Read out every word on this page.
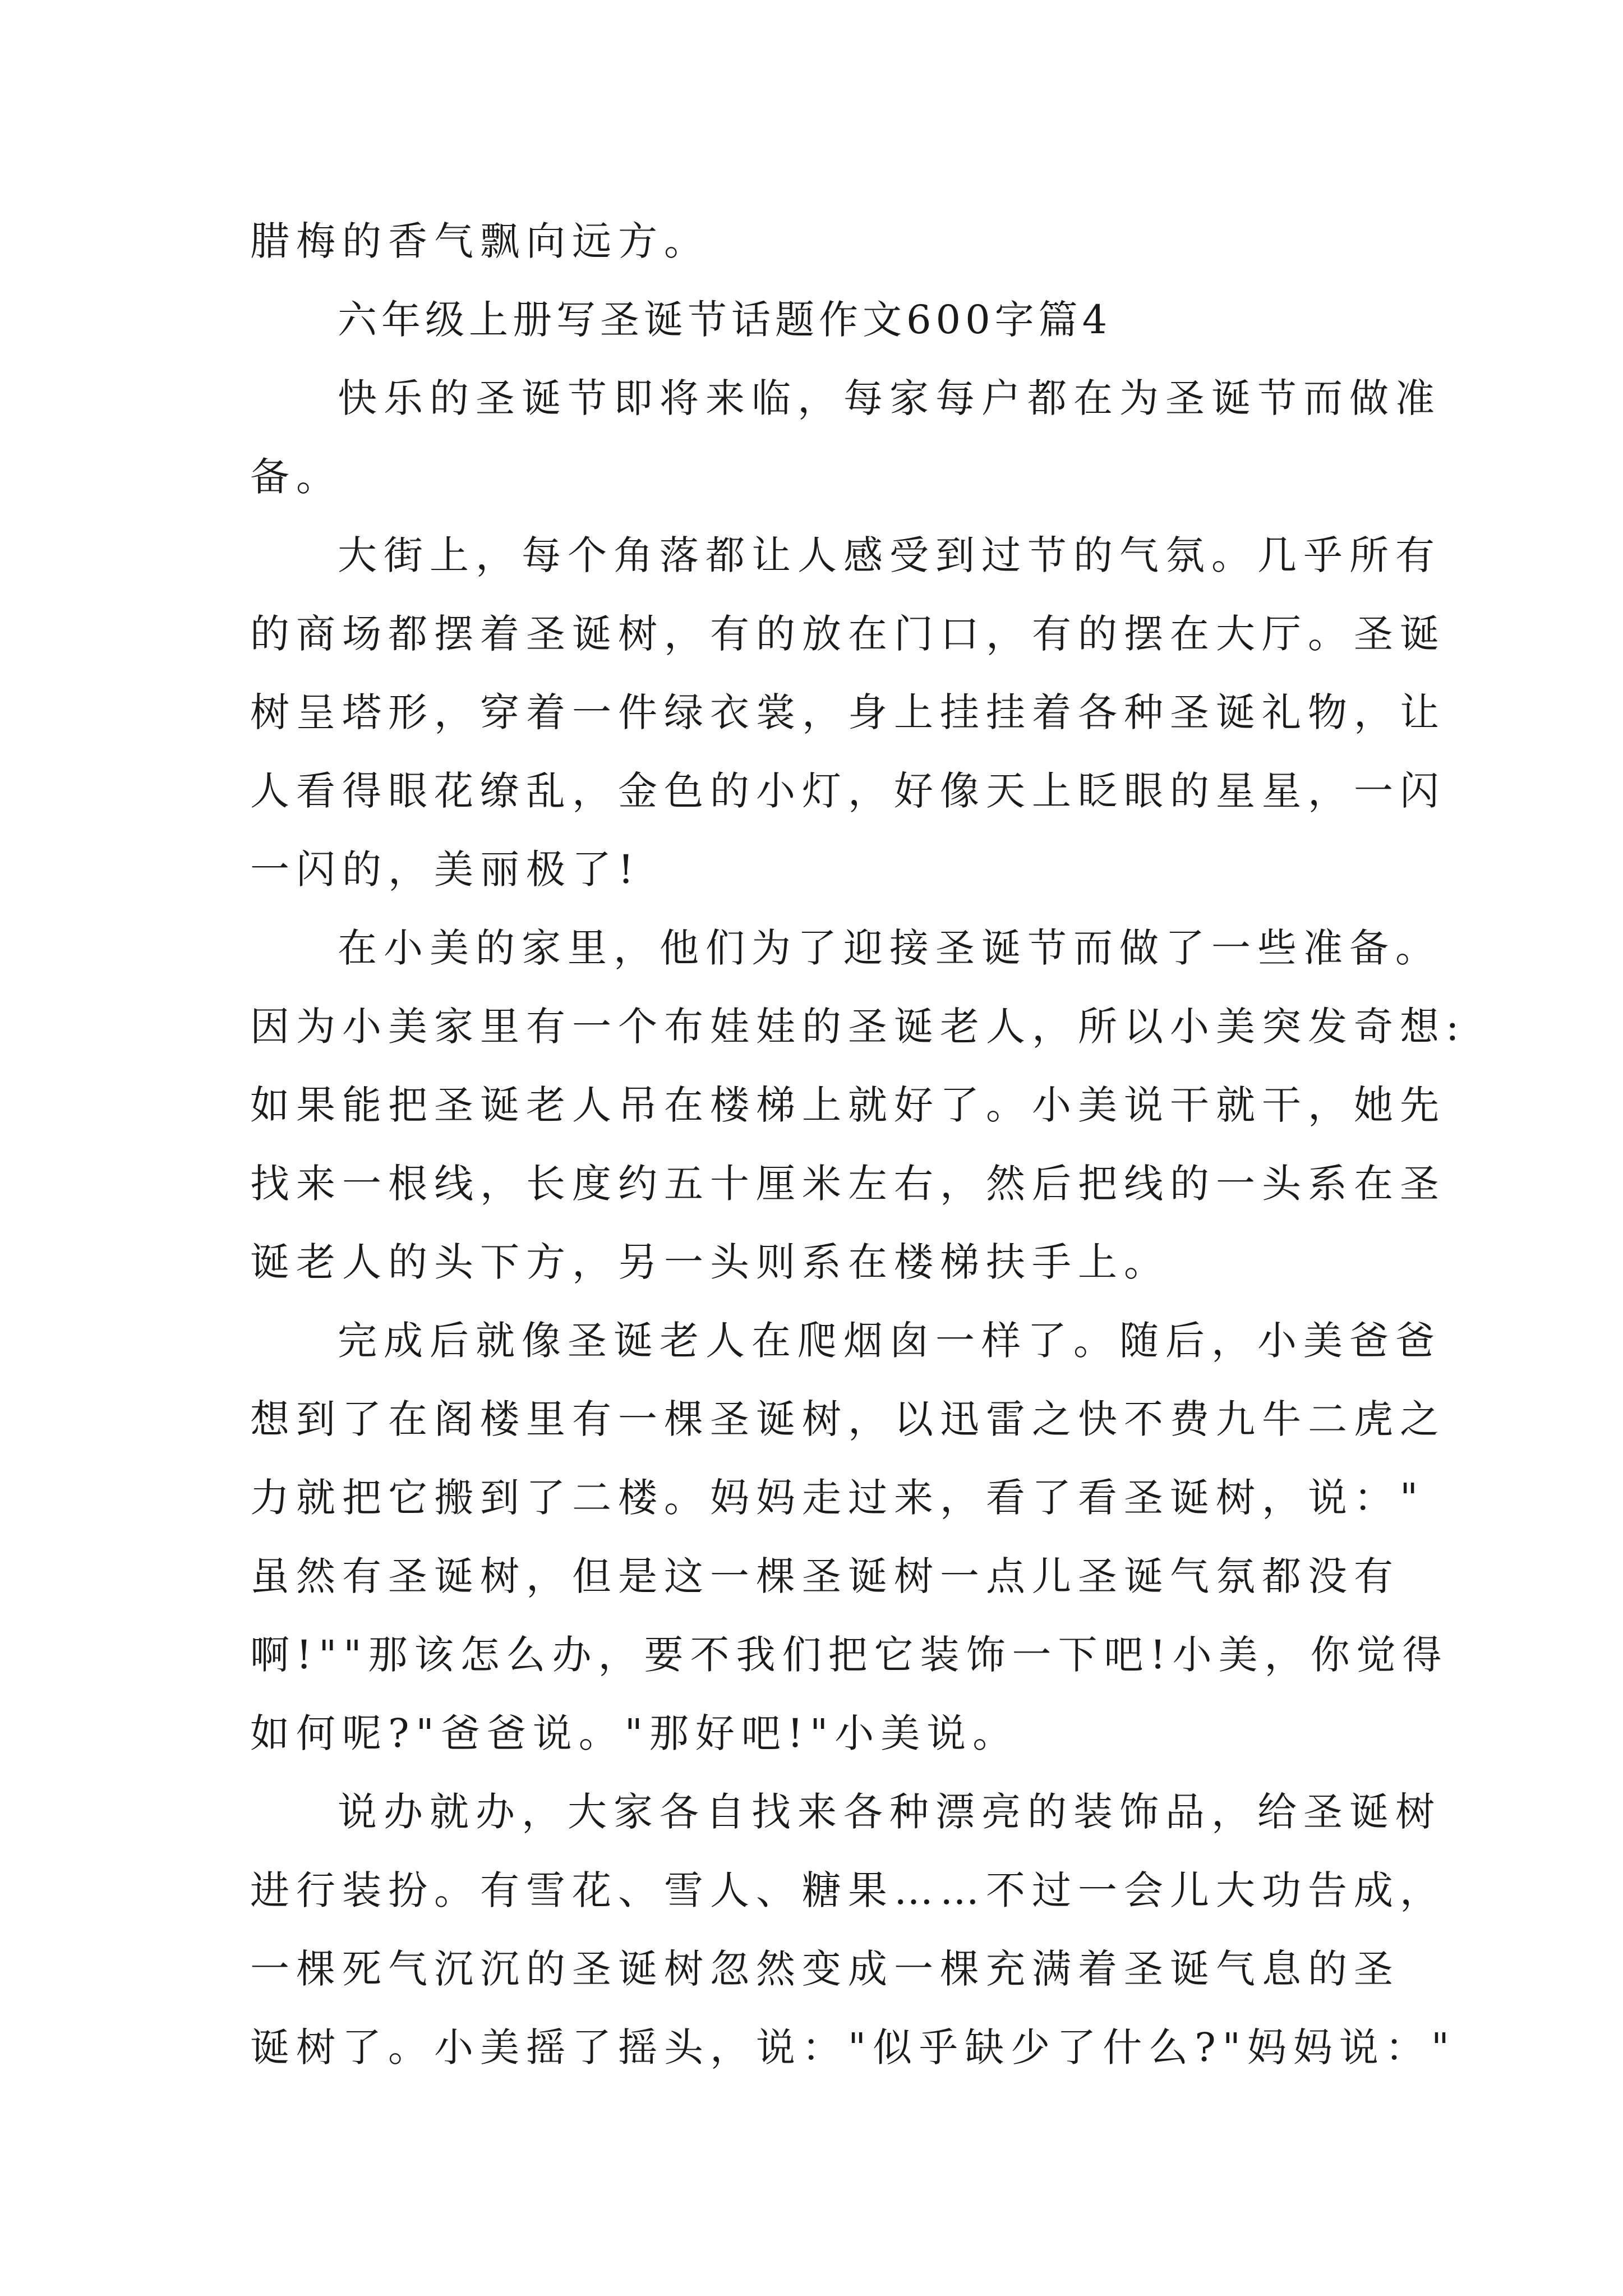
腊梅的香气飘向远方。

六年级上册写圣诞节话题作文600字篇4

快乐的圣诞节即将来临，每家每户都在为圣诞节而做准

备。

大街上，每个角落都让人感受到过节的气氛。几乎所有

的商场都摆着圣诞树，有的放在门口，有的摆在大厅。圣诞

树呈塔形，穿着一件绿衣裳，身上挂挂着各种圣诞礼物，让

人看得眼花缭乱，金色的小灯，好像天上眨眼的星星，一闪

一闪的，美丽极了!

在小美的家里，他们为了迎接圣诞节而做了一些准备。

因为小美家里有一个布娃娃的圣诞老人，所以小美突发奇想:

如果能把圣诞老人吊在楼梯上就好了。小美说干就干，她先

找来一根线，长度约五十厘米左右，然后把线的一头系在圣

诞老人的头下方，另一头则系在楼梯扶手上。

完成后就像圣诞老人在爬烟囱一样了。随后，小美爸爸

想到了在阁楼里有一棵圣诞树，以迅雷之快不费九牛二虎之

力就把它搬到了二楼。妈妈走过来，看了看圣诞树，说："

虽然有圣诞树，但是这一棵圣诞树一点儿圣诞气氛都没有

啊!""那该怎么办，要不我们把它装饰一下吧!小美，你觉得

如何呢?"爸爸说。"那好吧!"小美说。

说办就办，大家各自找来各种漂亮的装饰品，给圣诞树

进行装扮。有雪花、雪人、糖果……不过一会儿大功告成，

一棵死气沉沉的圣诞树忽然变成一棵充满着圣诞气息的圣

诞树了。小美摇了摇头，说："似乎缺少了什么?"妈妈说："
